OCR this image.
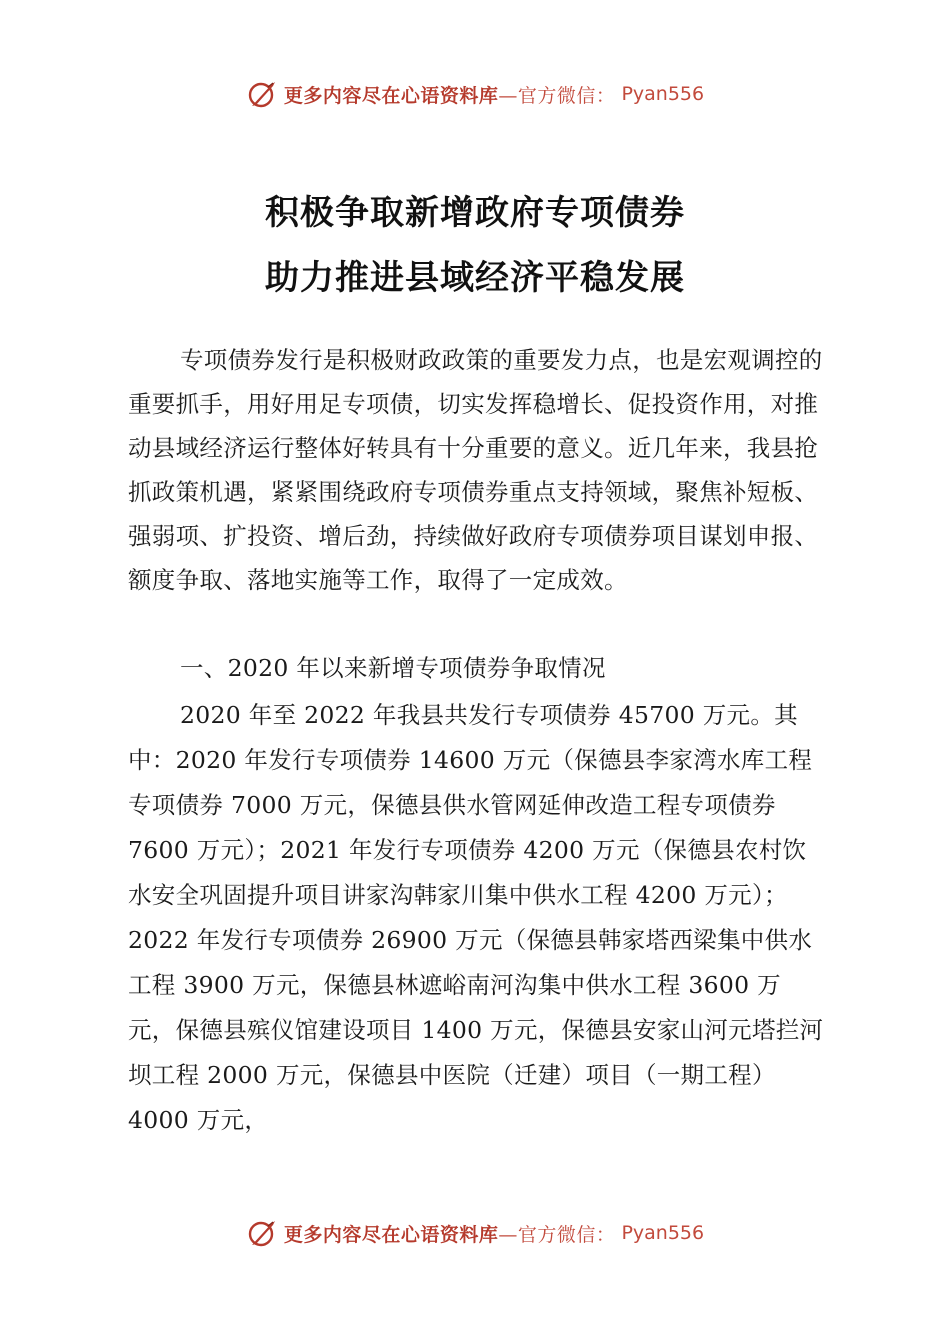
更多内容尽在心语资料库 —官方微信： Pyan556
积极争取新增政府专项债券
助力推进县域经济平稳发展
专项债券发行是积极财政政策的重要发力点，也是宏观调控的重要抓手，用好用足专项债，切实发挥稳增长、促投资作用，对推动县域经济运行整体好转具有十分重要的意义。近几年来，我县抢抓政策机遇，紧紧围绕政府专项债券重点支持领域，聚焦补短板、强弱项、扩投资、增后劲，持续做好政府专项债券项目谋划申报、额度争取、落地实施等工作，取得了一定成效。
一、2020 年以来新增专项债券争取情况
2020 年至 2022 年我县共发行专项债券 45700 万元。其中：2020 年发行专项债券 14600 万元（保德县李家湾水库工程专项债券 7000 万元，保德县供水管网延伸改造工程专项债券 7600 万元）；2021 年发行专项债券 4200 万元（保德县农村饮水安全巩固提升项目讲家沟韩家川集中供水工程 4200 万元）；2022 年发行专项债券 26900 万元（保德县韩家塔西梁集中供水工程 3900 万元，保德县林遮峪南河沟集中供水工程 3600 万元，保德县殡仪馆建设项目 1400 万元，保德县安家山河元塔拦河坝工程 2000 万元，保德县中医院（迁建）项目（一期工程）4000 万元，
更多内容尽在心语资料库 —官方微信： Pyan556
